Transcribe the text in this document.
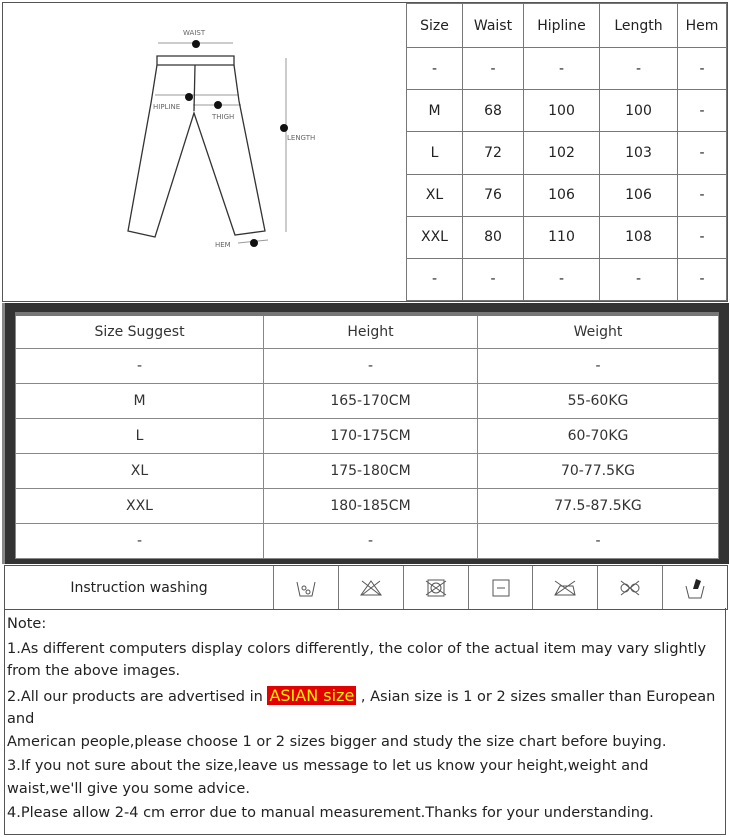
WAIST
HIPLINE
THIGH
LENGTH
HEM
Size	Waist	Hipline	Length	Hem
-	-	-	-	-
M	68	100	100	-
L	72	102	103	-
XL	76	106	106	-
XXL	80	110	108	-
-	-	-	-	-
Size Suggest	Height	Weight
-	-	-
M	165-170CM	55-60KG
L	170-175CM	60-70KG
XL	175-180CM	70-77.5KG
XXL	180-185CM	77.5-87.5KG
-	-	-
Instruction washing

Note:

1.As different computers display colors differently, the color of the actual item may vary slightly from the above images.

2.All our products are advertised in ASIAN size , Asian size is 1 or 2 sizes smaller than European and

American people,please choose 1 or 2 sizes bigger and study the size chart before buying.

3.If you not sure about the size,leave us message to let us know your height,weight and waist,we'll give you some advice.

4.Please allow 2-4 cm error due to manual measurement.Thanks for your understanding.
